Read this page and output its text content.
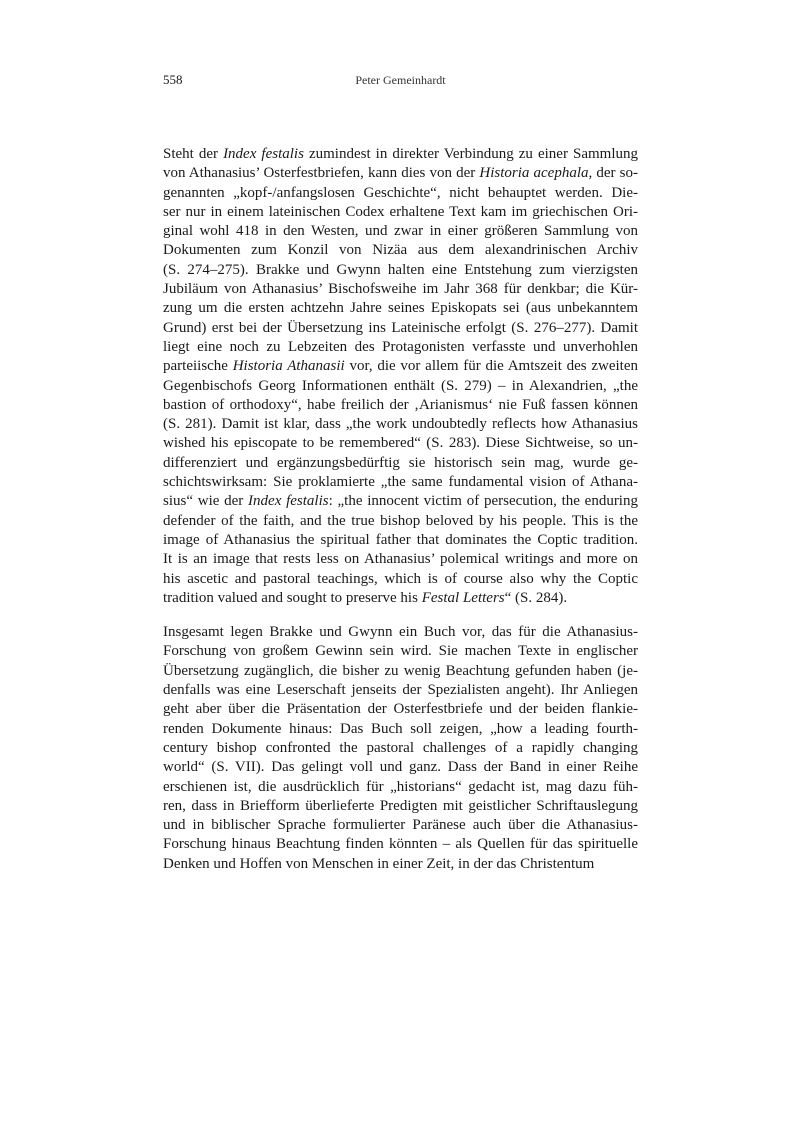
558	Peter Gemeinhardt
Steht der Index festalis zumindest in direkter Verbindung zu einer Sammlung
von Athanasius’ Osterfestbriefen, kann dies von der Historia acephala, der so-
genannten „kopf-/anfangslosen Geschichte“, nicht behauptet werden. Die-
ser nur in einem lateinischen Codex erhaltene Text kam im griechischen Ori-
ginal wohl 418 in den Westen, und zwar in einer größeren Sammlung von
Dokumenten zum Konzil von Nizäa aus dem alexandrinischen Archiv
(S. 274–275). Brakke und Gwynn halten eine Entstehung zum vierzigsten
Jubiläum von Athanasius’ Bischofsweihe im Jahr 368 für denkbar; die Kür-
zung um die ersten achtzehn Jahre seines Episkopats sei (aus unbekanntem
Grund) erst bei der Übersetzung ins Lateinische erfolgt (S. 276–277). Damit
liegt eine noch zu Lebzeiten des Protagonisten verfasste und unverhohlen
parteiische Historia Athanasii vor, die vor allem für die Amtszeit des zweiten
Gegenbischofs Georg Informationen enthält (S. 279) – in Alexandrien, „the
bastion of orthodoxy“, habe freilich der ‚Arianismus‘ nie Fuß fassen können
(S. 281). Damit ist klar, dass „the work undoubtedly reflects how Athanasius
wished his episcopate to be remembered“ (S. 283). Diese Sichtweise, so un-
differenziert und ergänzungsbedürftig sie historisch sein mag, wurde ge-
schichtswirksam: Sie proklamierte „the same fundamental vision of Athana-
sius“ wie der Index festalis: „the innocent victim of persecution, the enduring
defender of the faith, and the true bishop beloved by his people. This is the
image of Athanasius the spiritual father that dominates the Coptic tradition.
It is an image that rests less on Athanasius’ polemical writings and more on
his ascetic and pastoral teachings, which is of course also why the Coptic
tradition valued and sought to preserve his Festal Letters“ (S. 284).
Insgesamt legen Brakke und Gwynn ein Buch vor, das für die Athanasius-
Forschung von großem Gewinn sein wird. Sie machen Texte in englischer
Übersetzung zugänglich, die bisher zu wenig Beachtung gefunden haben (je-
denfalls was eine Leserschaft jenseits der Spezialisten angeht). Ihr Anliegen
geht aber über die Präsentation der Osterfestbriefe und der beiden flankie-
renden Dokumente hinaus: Das Buch soll zeigen, „how a leading fourth-
century bishop confronted the pastoral challenges of a rapidly changing
world“ (S. VII). Das gelingt voll und ganz. Dass der Band in einer Reihe
erschienen ist, die ausdrücklich für „historians“ gedacht ist, mag dazu füh-
ren, dass in Briefform überlieferte Predigten mit geistlicher Schriftauslegung
und in biblischer Sprache formulierter Paränese auch über die Athanasius-
Forschung hinaus Beachtung finden könnten – als Quellen für das spirituelle
Denken und Hoffen von Menschen in einer Zeit, in der das Christentum
